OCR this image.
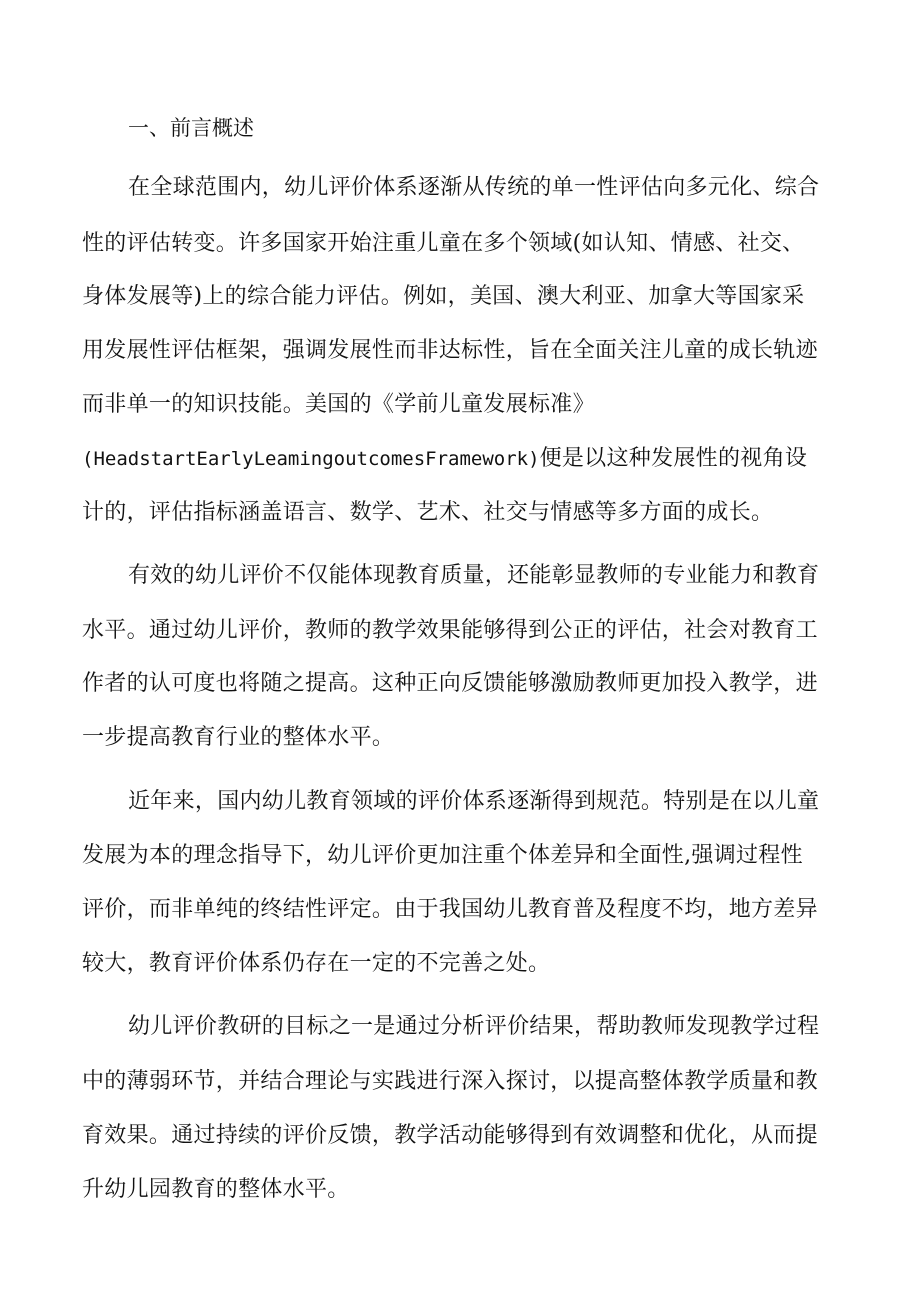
一、前言概述
在全球范围内，幼儿评价体系逐渐从传统的单一性评估向多元化、综合
性的评估转变。许多国家开始注重儿童在多个领域(如认知、情感、社交、
身体发展等)上的综合能力评估。例如，美国、澳大利亚、加拿大等国家采
用发展性评估框架，强调发展性而非达标性，旨在全面关注儿童的成长轨迹
而非单一的知识技能。美国的《学前儿童发展标准》
(HeadstartEarlyLeamingoutcomesFramework)便是以这种发展性的视角设
计的，评估指标涵盖语言、数学、艺术、社交与情感等多方面的成长。
有效的幼儿评价不仅能体现教育质量，还能彰显教师的专业能力和教育
水平。通过幼儿评价，教师的教学效果能够得到公正的评估，社会对教育工
作者的认可度也将随之提高。这种正向反馈能够激励教师更加投入教学，进
一步提高教育行业的整体水平。
近年来，国内幼儿教育领域的评价体系逐渐得到规范。特别是在以儿童
发展为本的理念指导下，幼儿评价更加注重个体差异和全面性,强调过程性
评价，而非单纯的终结性评定。由于我国幼儿教育普及程度不均，地方差异
较大，教育评价体系仍存在一定的不完善之处。
幼儿评价教研的目标之一是通过分析评价结果，帮助教师发现教学过程
中的薄弱环节，并结合理论与实践进行深入探讨，以提高整体教学质量和教
育效果。通过持续的评价反馈，教学活动能够得到有效调整和优化，从而提
升幼儿园教育的整体水平。
